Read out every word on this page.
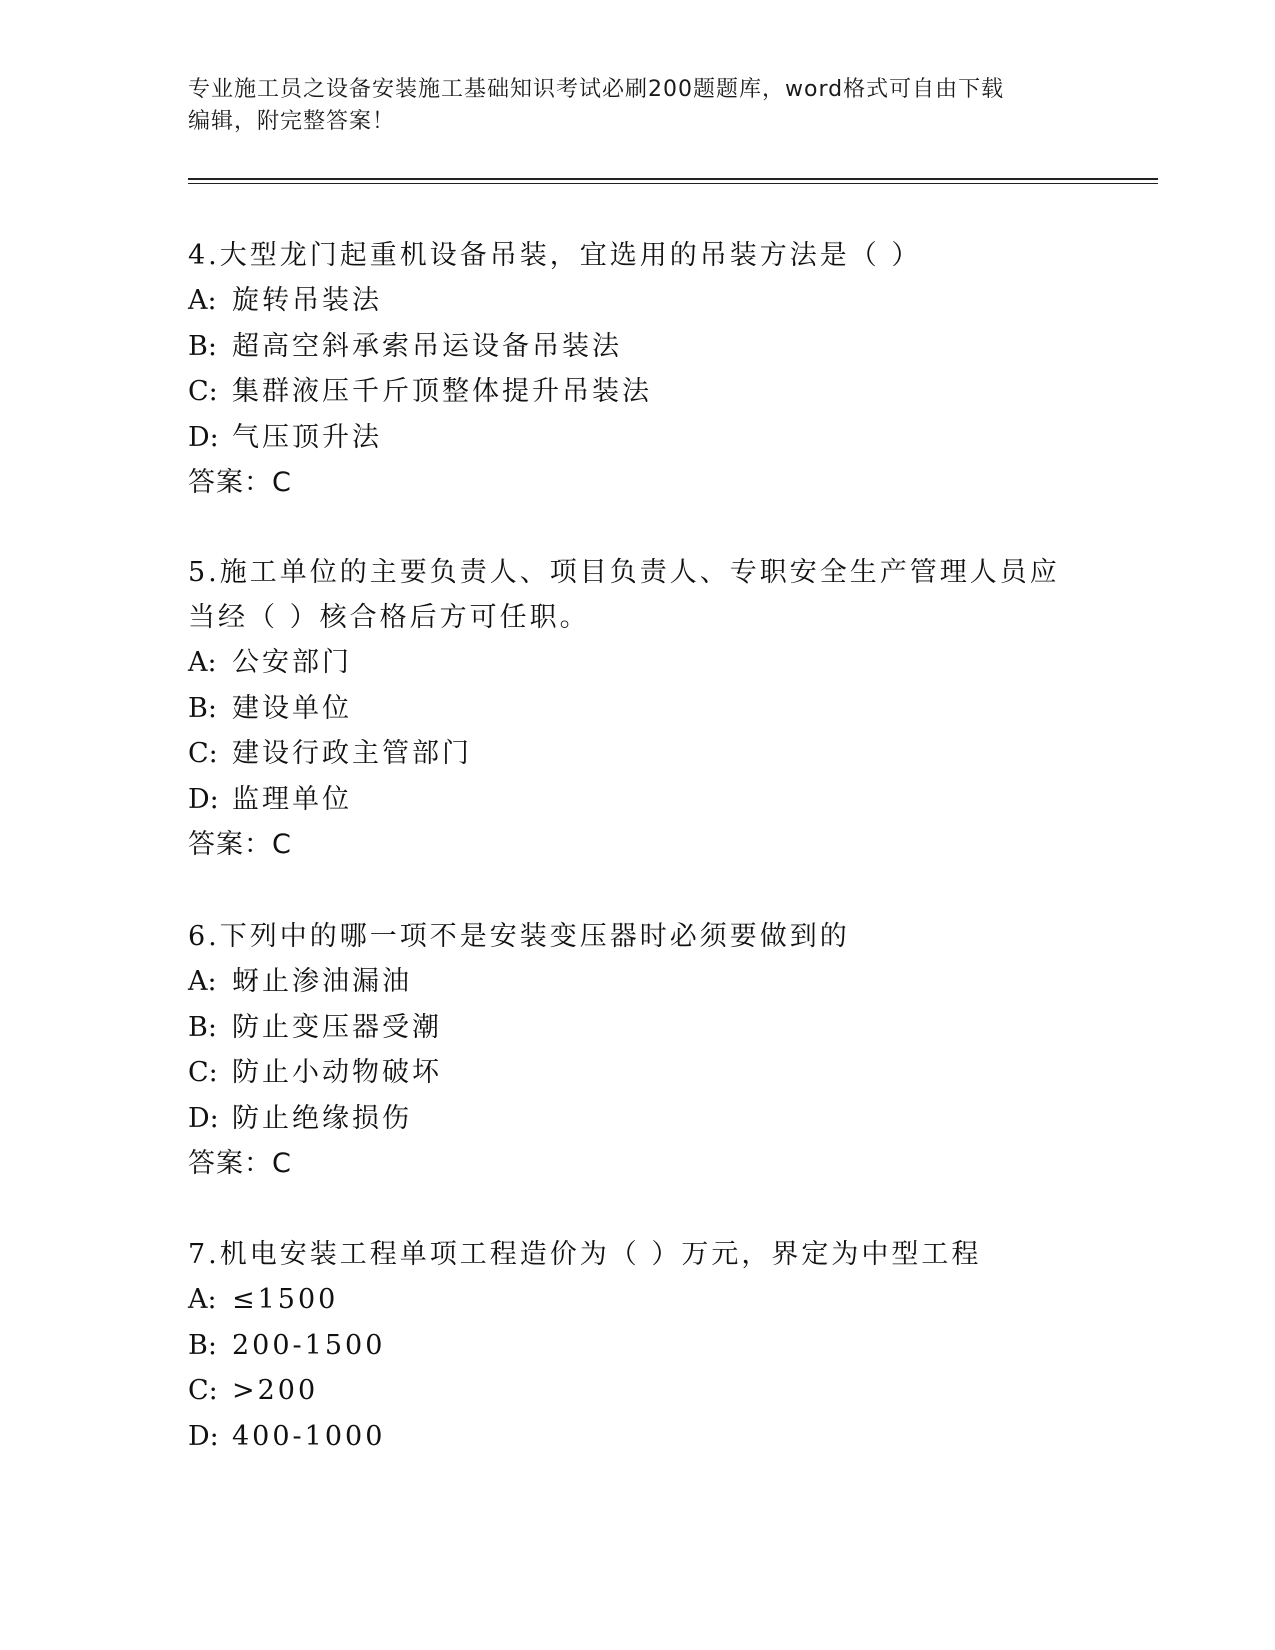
专业施工员之设备安装施工基础知识考试必刷200题题库，word格式可自由下载
编辑，附完整答案！

4.大型龙门起重机设备吊装，宜选用的吊装方法是（ ）

A: 旋转吊装法

B: 超高空斜承索吊运设备吊装法

C: 集群液压千斤顶整体提升吊装法

D: 气压顶升法

答案：C

5.施工单位的主要负责人、项目负责人、专职安全生产管理人员应当经（ ）核合格后方可任职。

A: 公安部门

B: 建设单位

C: 建设行政主管部门

D: 监理单位

答案：C

6.下列中的哪一项不是安装变压器时必须要做到的

A: 蚜止渗油漏油

B: 防止变压器受潮

C: 防止小动物破坏

D: 防止绝缘损伤

答案：C

7.机电安装工程单项工程造价为（ ）万元，界定为中型工程

A: ≤1500

B: 200-1500

C: >200

D: 400-1000
